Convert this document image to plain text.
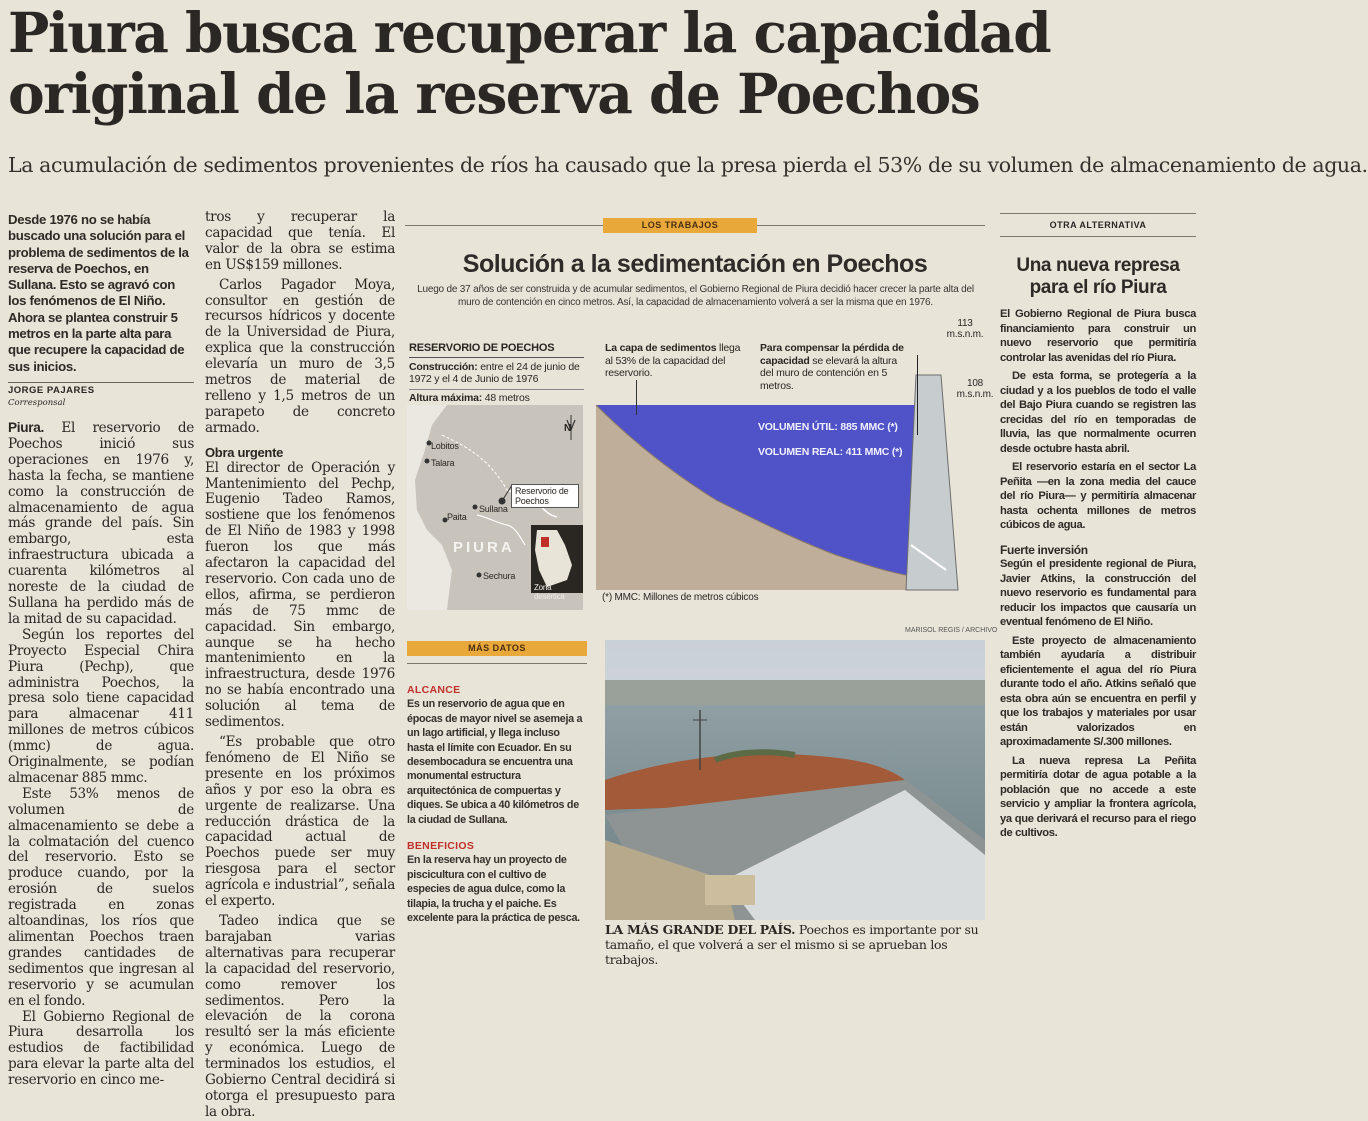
Piura busca recuperar la capacidad
original de la reserva de Poechos
La acumulación de sedimentos provenientes de ríos ha causado que la presa pierda el 53% de su volumen de almacenamiento de agua.
Desde 1976 no se había buscado una solución para el problema de sedimentos de la reserva de Poechos, en Sullana. Esto se agravó con los fenómenos de El Niño. Ahora se plantea construir 5 metros en la parte alta para que recupere la capacidad de sus inicios.
JORGE PAJARES
Corresponsal

Piura. El reservorio de Poechos inició sus operaciones en 1976 y, hasta la fecha, se mantiene como la construcción de almacenamiento de agua más grande del país. Sin embargo, esta infraestructura ubicada a cuarenta kilómetros al noreste de la ciudad de Sullana ha perdido más de la mitad de su capacidad.

Según los reportes del Proyecto Especial Chira Piura (Pechp), que administra Poechos, la presa solo tiene capacidad para almacenar 411 millones de metros cúbicos (mmc) de agua. Originalmente, se podían almacenar 885 mmc.

Este 53% menos de volumen de almacenamiento se debe a la colmatación del cuenco del reservorio. Esto se produce cuando, por la erosión de suelos registrada en zonas altoandinas, los ríos que alimentan Poechos traen grandes cantidades de sedimentos que ingresan al reservorio y se acumulan en el fondo.

El Gobierno Regional de Piura desarrolla los estudios de factibilidad para elevar la parte alta del reservorio en cinco me-

tros y recuperar la capacidad que tenía. El valor de la obra se estima en US$159 millones.

Carlos Pagador Moya, consultor en gestión de recursos hídricos y docente de la Universidad de Piura, explica que la construcción elevaría un muro de 3,5 metros de material de relleno y 1,5 metros de un parapeto de concreto armado.

Obra urgente

El director de Operación y Mantenimiento del Pechp, Eugenio Tadeo Ramos, sostiene que los fenómenos de El Niño de 1983 y 1998 fueron los que más afectaron la capacidad del reservorio. Con cada uno de ellos, afirma, se perdieron más de 75 mmc de capacidad. Sin embargo, aunque se ha hecho mantenimiento en la infraestructura, desde 1976 no se había encontrado una solución al tema de sedimentos.

“Es probable que otro fenómeno de El Niño se presente en los próximos años y por eso la obra es urgente de realizarse. Una reducción drástica de la capacidad actual de Poechos puede ser muy riesgosa para el sector agrícola e industrial”, señala el experto.

Tadeo indica que se barajaban varias alternativas para recuperar la capacidad del reservorio, como remover los sedimentos. Pero la elevación de la corona resultó ser la más eficiente y económica. Luego de terminados los estudios, el Gobierno Central decidirá si otorga el presupuesto para la obra.

LOS TRABAJOS
Solución a la sedimentación en Poechos
Luego de 37 años de ser construida y de acumular sedimentos, el Gobierno Regional de Piura decidió hacer crecer la parte alta del muro de contención en cinco metros. Así, la capacidad de almacenamiento volverá a ser la misma que en 1976.
RESERVORIO DE POECHOS
Construcción: entre el 24 de junio de 1972 y el 4 de Junio de 1976
Altura máxima: 48 metros
Lobitos
Talara
Paita
Sullana
PIURA
Sechura
Reservorio de Poechos
Zona desértica
N
La capa de sedimentos llega al 53% de la capacidad del reservorio.
Para compensar la pérdida de capacidad se elevará la altura del muro de contención en 5 metros.
113
m.s.n.m.
108
m.s.n.m.
VOLUMEN ÚTIL: 885 MMC (*)
VOLUMEN REAL: 411 MMC (*)
(*) MMC: Millones de metros cúbicos
MÁS DATOS
ALCANCE
Es un reservorio de agua que en épocas de mayor nivel se asemeja a un lago artificial, y llega incluso hasta el límite con Ecuador. En su desembocadura se encuentra una monumental estructura arquitectónica de compuertas y diques. Se ubica a 40 kilómetros de la ciudad de Sullana.
BENEFICIOS
En la reserva hay un proyecto de piscicultura con el cultivo de especies de agua dulce, como la tilapia, la trucha y el paiche. Es excelente para la práctica de pesca.
MARISOL REGIS / ARCHIVO
LA MÁS GRANDE DEL PAÍS. Poechos es importante por su tamaño, el que volverá a ser el mismo si se aprueban los trabajos.
OTRA ALTERNATIVA
Una nueva represa para el río Piura

El Gobierno Regional de Piura busca financiamiento para construir un nuevo reservorio que permitiría controlar las avenidas del río Piura.

De esta forma, se protegería a la ciudad y a los pueblos de todo el valle del Bajo Piura cuando se registren las crecidas del río en temporadas de lluvia, las que normalmente ocurren desde octubre hasta abril.

El reservorio estaría en el sector La Peñita —en la zona media del cauce del río Piura— y permitiría almacenar hasta ochenta millones de metros cúbicos de agua.

Fuerte inversión

Según el presidente regional de Piura, Javier Atkins, la construcción del nuevo reservorio es fundamental para reducir los impactos que causaría un eventual fenómeno de El Niño.

Este proyecto de almacenamiento también ayudaría a distribuir eficientemente el agua del río Piura durante todo el año. Atkins señaló que esta obra aún se encuentra en perfil y que los trabajos y materiales por usar están valorizados en aproximadamente S/.300 millones.

La nueva represa La Peñita permitiría dotar de agua potable a la población que no accede a este servicio y ampliar la frontera agrícola, ya que derivará el recurso para el riego de cultivos.
